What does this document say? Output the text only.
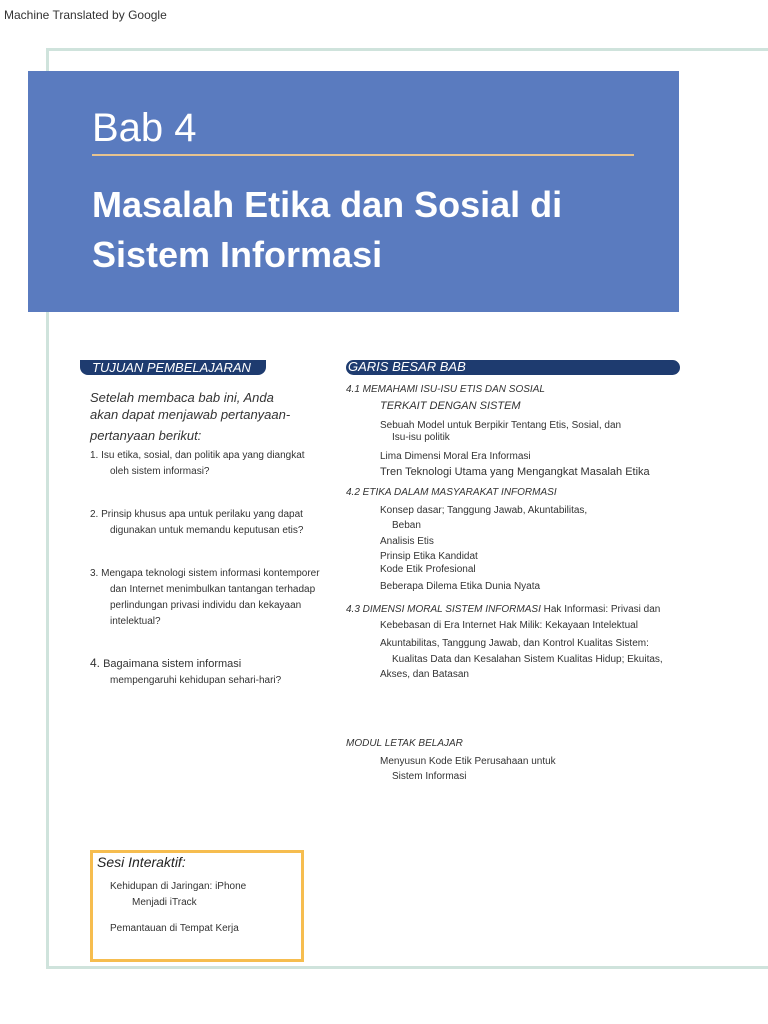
Machine Translated by Google
Bab 4
Masalah Etika dan Sosial di
Sistem Informasi
TUJUAN PEMBELAJARAN
Setelah membaca bab ini, Anda
akan dapat menjawab pertanyaan-
pertanyaan berikut:
1. Isu etika, sosial, dan politik apa yang diangkat
oleh sistem informasi?
2. Prinsip khusus apa untuk perilaku yang dapat
digunakan untuk memandu keputusan etis?
3. Mengapa teknologi sistem informasi kontemporer
dan Internet menimbulkan tantangan terhadap
perlindungan privasi individu dan kekayaan
intelektual?
4. Bagaimana sistem informasi
mempengaruhi kehidupan sehari-hari?
GARIS BESAR BAB
4.1 MEMAHAMI ISU-ISU ETIS DAN SOSIAL
TERKAIT DENGAN SISTEM
Sebuah Model untuk Berpikir Tentang Etis, Sosial, dan
Isu-isu politik
Lima Dimensi Moral Era Informasi
Tren Teknologi Utama yang Mengangkat Masalah Etika
4.2 ETIKA DALAM MASYARAKAT INFORMASI
Konsep dasar; Tanggung Jawab, Akuntabilitas,
Beban
Analisis Etis
Prinsip Etika Kandidat
Kode Etik Profesional
Beberapa Dilema Etika Dunia Nyata
4.3 DIMENSI MORAL SISTEM INFORMASI Hak Informasi: Privasi dan
Kebebasan di Era Internet Hak Milik: Kekayaan Intelektual
Akuntabilitas, Tanggung Jawab, dan Kontrol Kualitas Sistem:
Kualitas Data dan Kesalahan Sistem Kualitas Hidup; Ekuitas,
Akses, dan Batasan
MODUL LETAK BELAJAR
Menyusun Kode Etik Perusahaan untuk
Sistem Informasi
Sesi Interaktif:
Kehidupan di Jaringan: iPhone
Menjadi iTrack
Pemantauan di Tempat Kerja
